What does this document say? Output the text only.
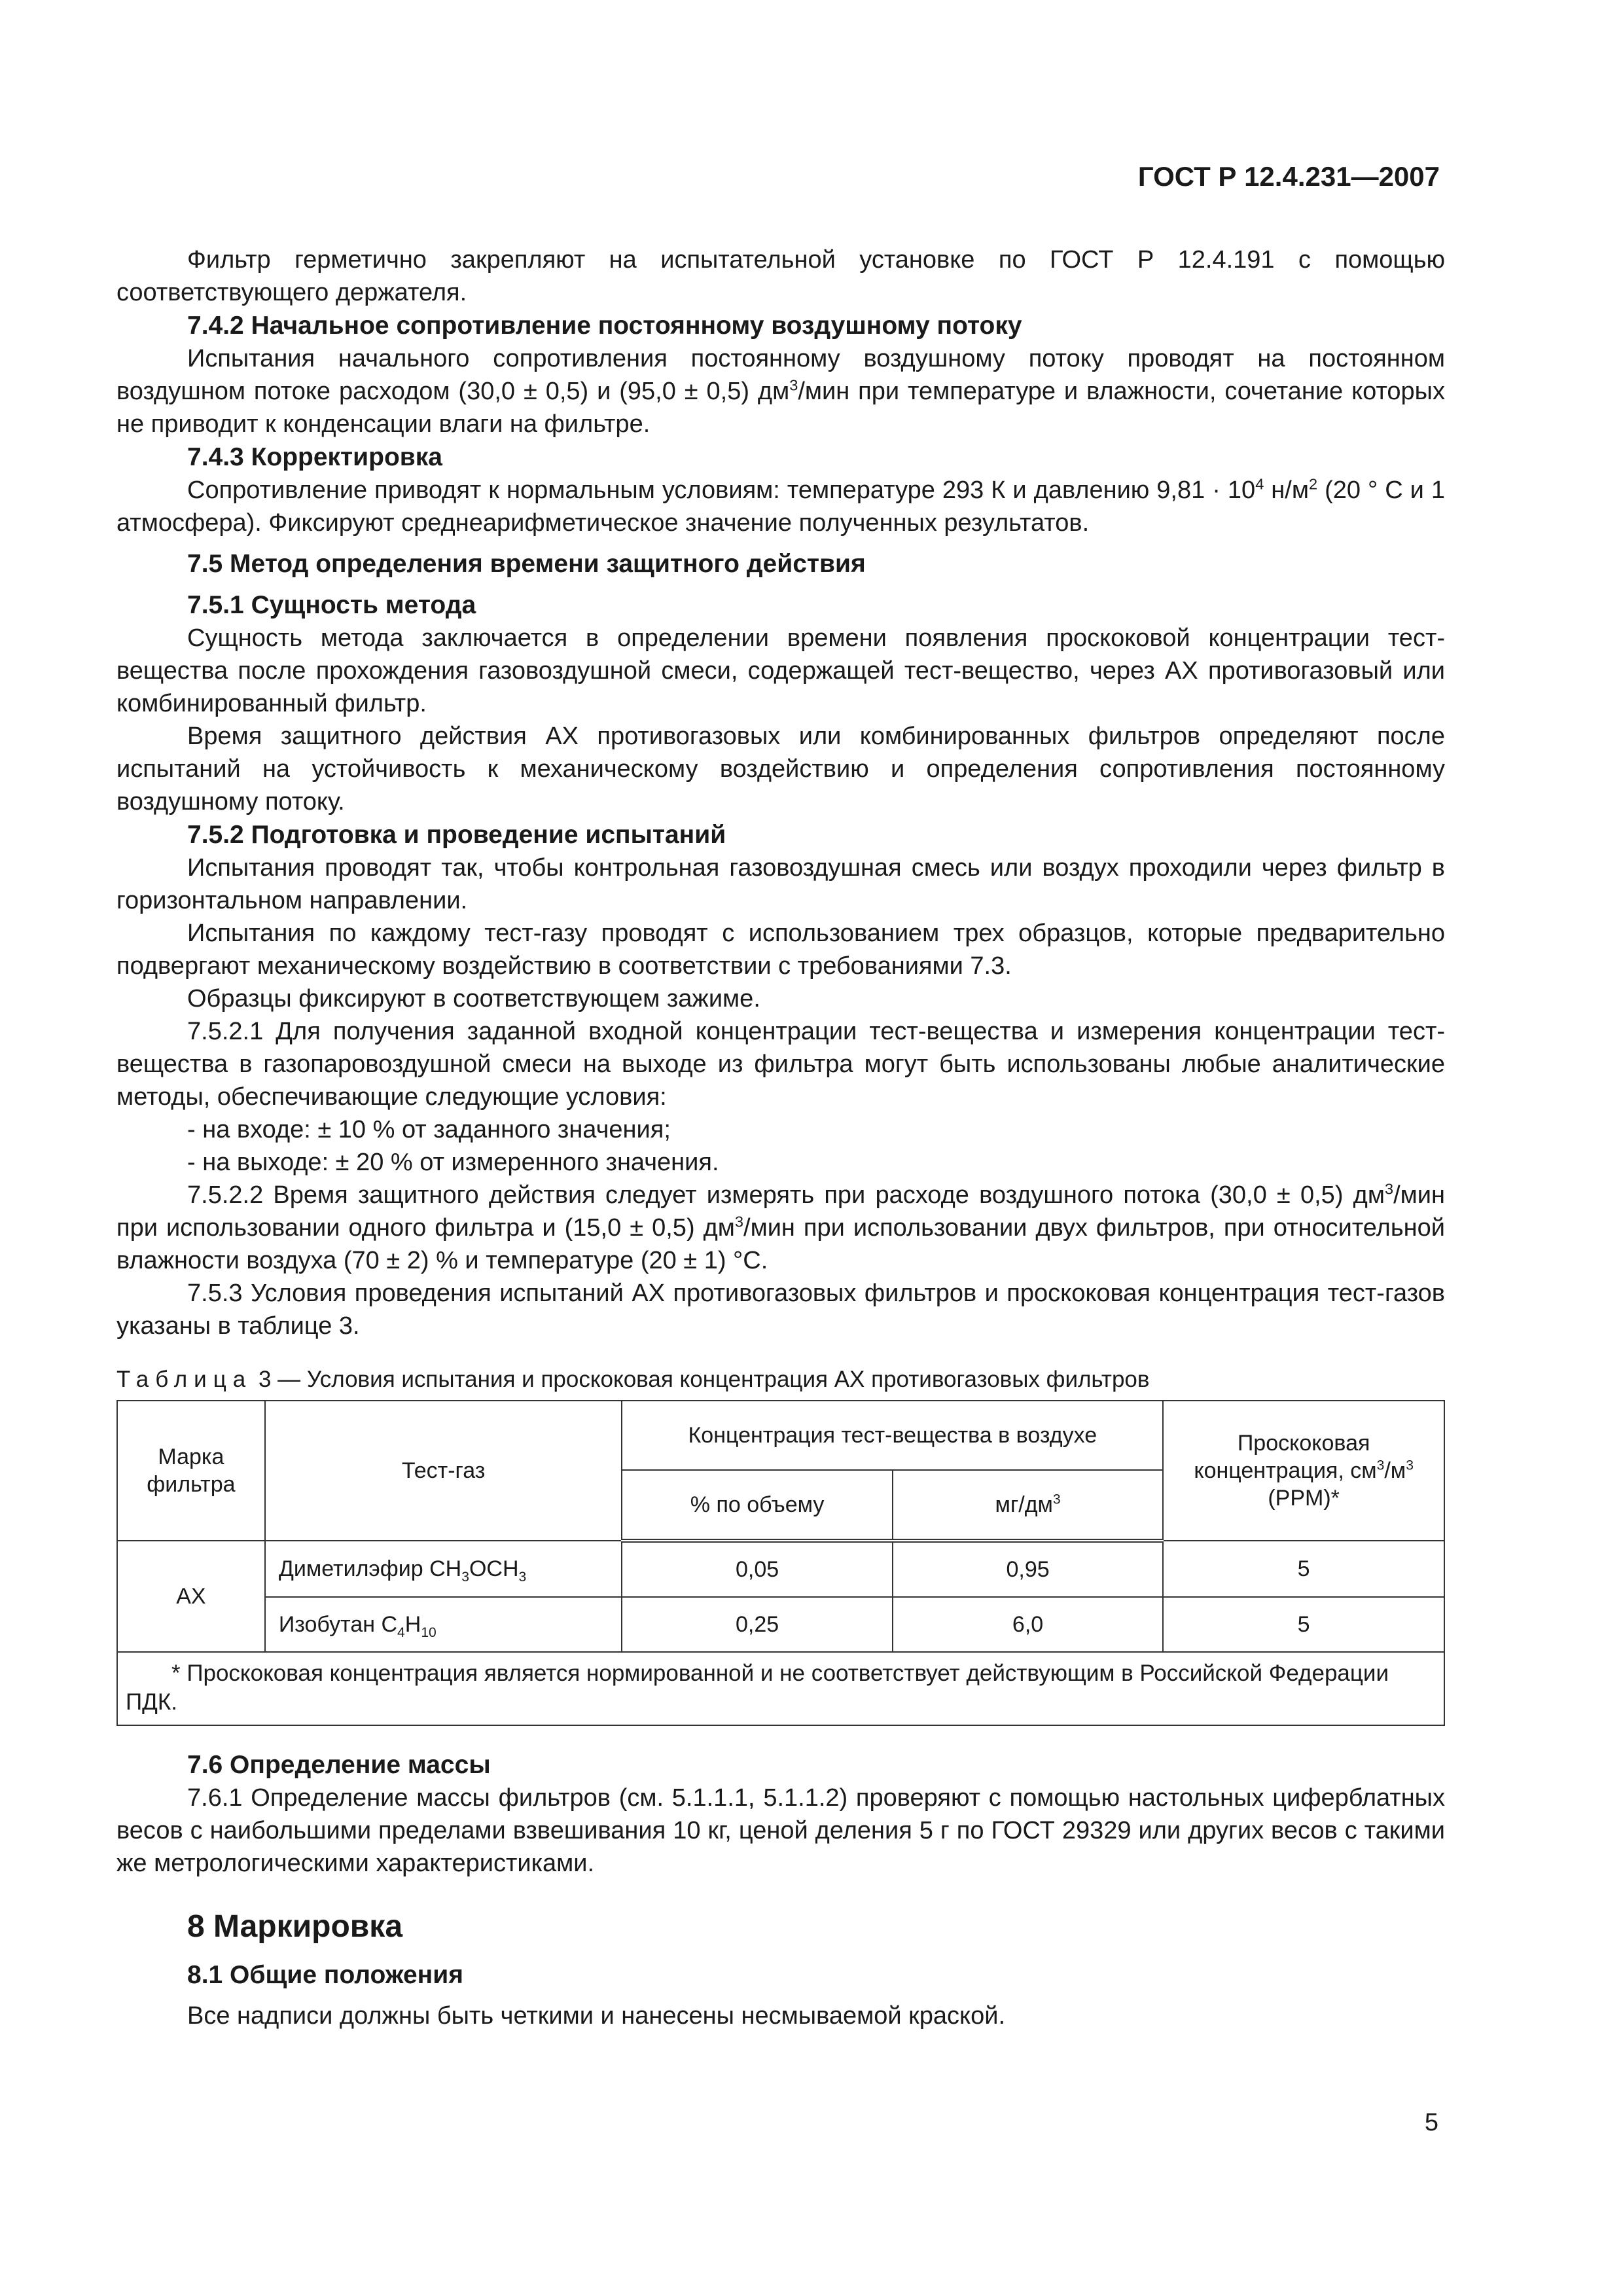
ГОСТ Р 12.4.231—2007

Фильтр герметично закрепляют на испытательной установке по ГОСТ Р 12.4.191 с помощью соответствующего держателя.

7.4.2 Начальное сопротивление постоянному воздушному потоку

Испытания начального сопротивления постоянному воздушному потоку проводят на постоянном воздушном потоке расходом (30,0 ± 0,5) и (95,0 ± 0,5) $дм^3$/мин при температуре и влажности, сочетание которых не приводит к конденсации влаги на фильтре.

7.4.3 Корректировка

Сопротивление приводят к нормальным условиям: температуре 293 К и давлению $9,81 \cdot 10^4$ $н/м^2$ (20 ° С и 1 атмосфера). Фиксируют среднеарифметическое значение полученных результатов.

7.5 Метод определения времени защитного действия

7.5.1 Сущность метода

Сущность метода заключается в определении времени появления проскоковой концентрации тест-вещества после прохождения газовоздушной смеси, содержащей тест-вещество, через АХ противогазовый или комбинированный фильтр.

Время защитного действия АХ противогазовых или комбинированных фильтров определяют после испытаний на устойчивость к механическому воздействию и определения сопротивления постоянному воздушному потоку.

7.5.2 Подготовка и проведение испытаний

Испытания проводят так, чтобы контрольная газовоздушная смесь или воздух проходили через фильтр в горизонтальном направлении.

Испытания по каждому тест-газу проводят с использованием трех образцов, которые предварительно подвергают механическому воздействию в соответствии с требованиями 7.3.

Образцы фиксируют в соответствующем зажиме.

7.5.2.1 Для получения заданной входной концентрации тест-вещества и измерения концентрации тест-вещества в газопаровоздушной смеси на выходе из фильтра могут быть использованы любые аналитические методы, обеспечивающие следующие условия:

- на входе: ± 10 % от заданного значения;

- на выходе: ± 20 % от измеренного значения.

7.5.2.2 Время защитного действия следует измерять при расходе воздушного потока (30,0 ± 0,5) $дм^3$/мин при использовании одного фильтра и (15,0 ± 0,5) $дм^3$/мин при использовании двух фильтров, при относительной влажности воздуха (70 ± 2) % и температуре (20 ± 1) °С.

7.5.3 Условия проведения испытаний АХ противогазовых фильтров и проскоковая концентрация тест-газов указаны в таблице 3.

Таблица 3 — Условия испытания и проскоковая концентрация АХ противогазовых фильтров

Марка фильтра	Тест-газ	Концентрация тест-вещества в воздухе		Проскоковая концентрация, $см^3/м^3$ (PPM)*
		% по объему	$мг/дм^3$
АХ	Диметилэфир $CH_3OCH_3$	0,05	0,95	5
	Изобутан $C_4H_{10}$	0,25	6,0	5

* Проскоковая концентрация является нормированной и не соответствует действующим в Российской Федерации ПДК.				

7.6 Определение массы

7.6.1 Определение массы фильтров (см. 5.1.1.1, 5.1.1.2) проверяют с помощью настольных циферблатных весов с наибольшими пределами взвешивания 10 кг, ценой деления 5 г по ГОСТ 29329 или других весов с такими же метрологическими характеристиками.

8 Маркировка

8.1 Общие положения

Все надписи должны быть четкими и нанесены несмываемой краской.

5
